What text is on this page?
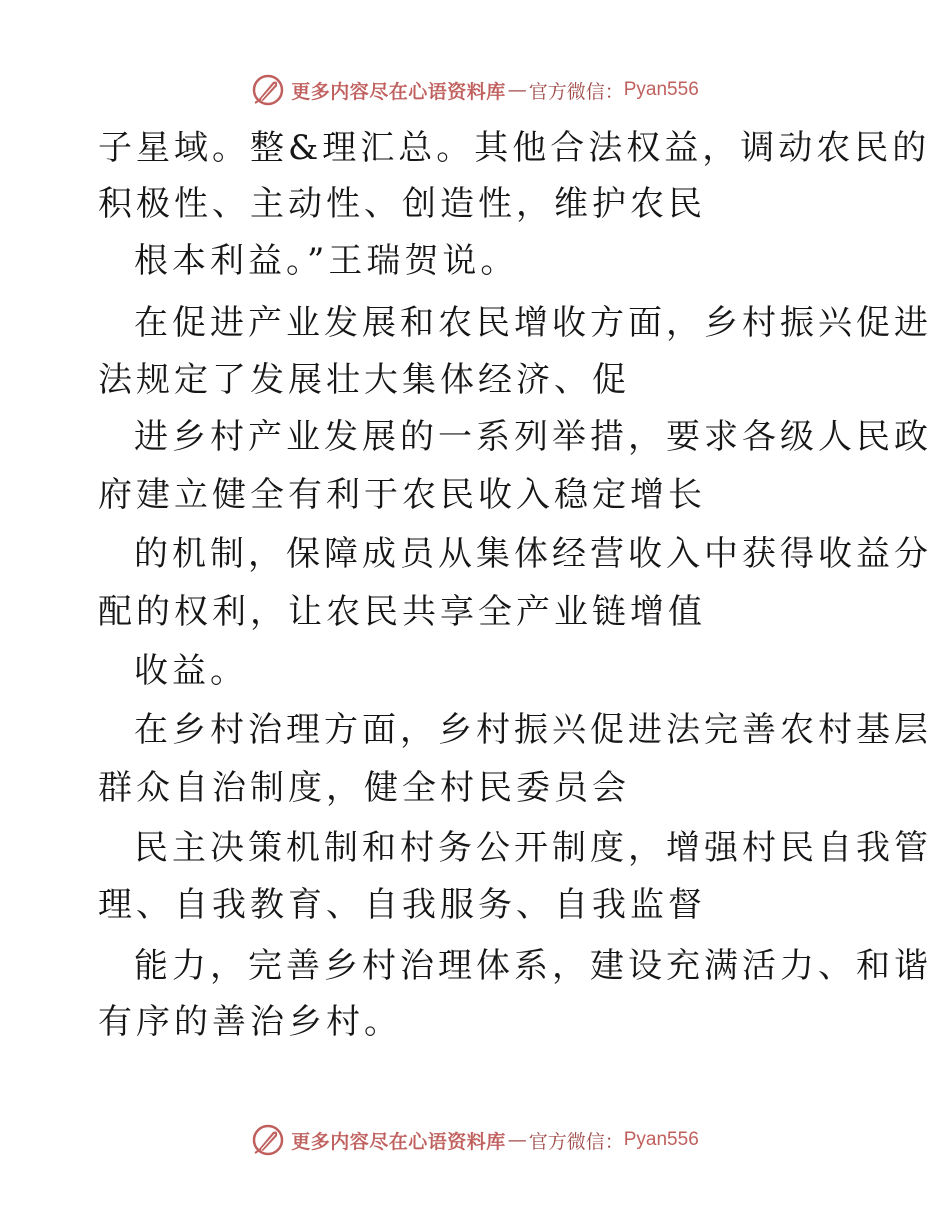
更多内容尽在心语资料库 — 官方微信： Pyan556
子星域。整&理汇总。其他合法权益，调动农民的
积极性、主动性、创造性，维护农民
根本利益。”王瑞贺说。
在促进产业发展和农民增收方面，乡村振兴促进
法规定了发展壮大集体经济、促
进乡村产业发展的一系列举措，要求各级人民政
府建立健全有利于农民收入稳定增长
的机制，保障成员从集体经营收入中获得收益分
配的权利，让农民共享全产业链增值
收益。
在乡村治理方面，乡村振兴促进法完善农村基层
群众自治制度，健全村民委员会
民主决策机制和村务公开制度，增强村民自我管
理、自我教育、自我服务、自我监督
能力，完善乡村治理体系，建设充满活力、和谐
有序的善治乡村。
更多内容尽在心语资料库 — 官方微信： Pyan556
